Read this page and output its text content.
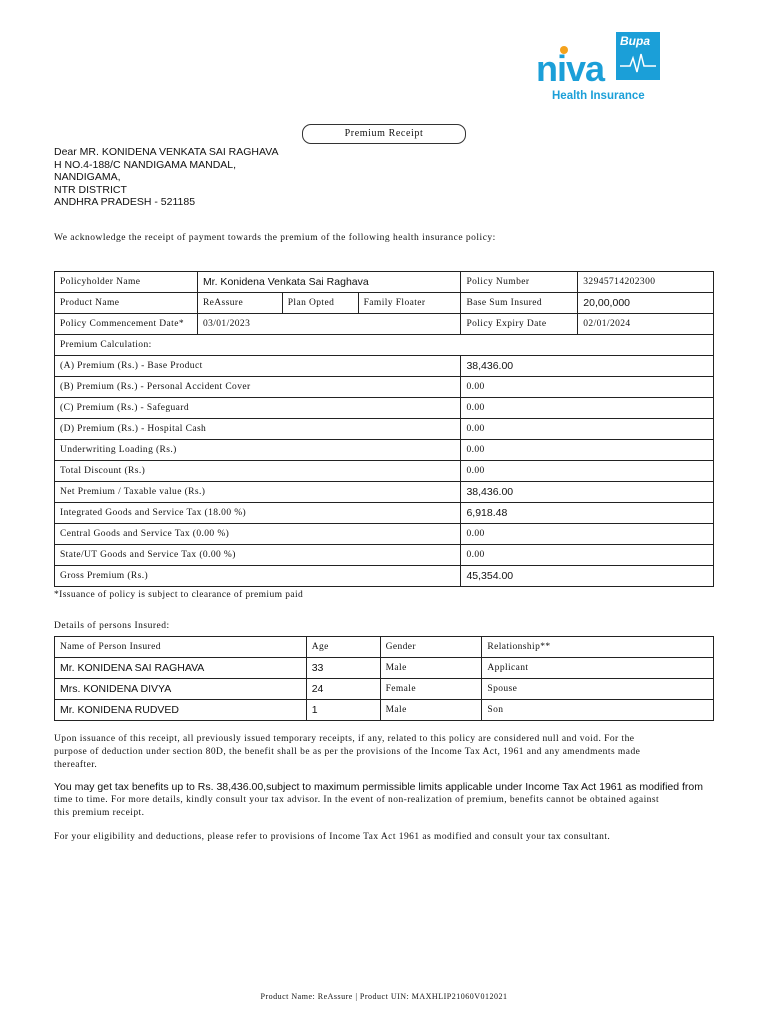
niva
Bupa
Health Insurance
Premium Receipt
Dear MR. KONIDENA VENKATA SAI RAGHAVA
H NO.4-188/C NANDIGAMA MANDAL,
NANDIGAMA,
NTR DISTRICT
ANDHRA PRADESH - 521185
We acknowledge the receipt of payment towards the premium of the following health insurance policy:
Policyholder Name	Mr. Konidena Venkata Sai Raghava			Policy Number	32945714202300
Product Name	ReAssure	Plan Opted	Family Floater	Base Sum Insured	20,00,000
Policy Commencement Date*	03/01/2023			Policy Expiry Date	02/01/2024
Premium Calculation:					
(A) Premium (Rs.) - Base Product				38,436.00	
(B) Premium (Rs.) - Personal Accident Cover				0.00	
(C) Premium (Rs.) - Safeguard				0.00	
(D) Premium (Rs.) - Hospital Cash				0.00	
Underwriting Loading (Rs.)				0.00	
Total Discount (Rs.)				0.00	
Net Premium / Taxable value (Rs.)				38,436.00	
Integrated Goods and Service Tax (18.00 %)				6,918.48	
Central Goods and Service Tax (0.00 %)				0.00	
State/UT Goods and Service Tax (0.00 %)				0.00	
Gross Premium (Rs.)				45,354.00	
*Issuance of policy is subject to clearance of premium paid
Details of persons Insured:
Name of Person Insured	Age	Gender	Relationship**
Mr. KONIDENA SAI RAGHAVA	33	Male	Applicant
Mrs. KONIDENA DIVYA	24	Female	Spouse
Mr. KONIDENA RUDVED	1	Male	Son
Upon issuance of this receipt, all previously issued temporary receipts, if any, related to this policy are considered null and void. For the
purpose of deduction under section 80D, the benefit shall be as per the provisions of the Income Tax Act, 1961 and any amendments made
thereafter.
You may get tax benefits up to Rs. 38,436.00,subject to maximum permissible limits applicable under Income Tax Act 1961 as modified from
time to time. For more details, kindly consult your tax advisor. In the event of non-realization of premium, benefits cannot be obtained against
this premium receipt.
For your eligibility and deductions, please refer to provisions of Income Tax Act 1961 as modified and consult your tax consultant.
Product Name: ReAssure | Product UIN: MAXHLIP21060V012021
